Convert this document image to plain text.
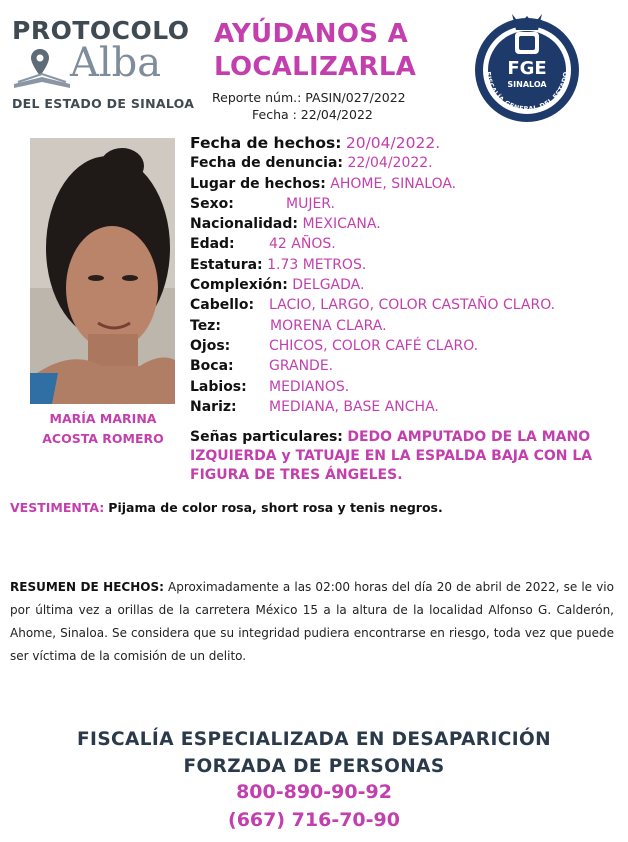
PROTOCOLO
Alba
DEL ESTADO DE SINALOA
AYÚDANOS A
LOCALIZARLA
Reporte núm.: PASIN/027/2022
Fecha : 22/04/2022
FGE
SINALOA
FISCALÍA GENERAL DEL ESTADO
MARÍA MARINA
ACOSTA ROMERO
Fecha de hechos: 20/04/2022.
Fecha de denuncia: 22/04/2022.
Lugar de hechos: AHOME, SINALOA.
Sexo:	MUJER.
Nacionalidad: MEXICANA.
Edad: 42 AÑOS.
Estatura: 1.73 METROS.
Complexión: DELGADA.
Cabello: LACIO, LARGO, COLOR CASTAÑO CLARO.
Tez:	MORENA CLARA.
Ojos:	CHICOS, COLOR CAFÉ CLARO.
Boca:	GRANDE.
Labios: MEDIANOS.
Nariz: MEDIANA, BASE ANCHA.
Señas particulares: DEDO AMPUTADO DE LA MANO IZQUIERDA y TATUAJE EN LA ESPALDA BAJA CON LA FIGURA DE TRES ÁNGELES.
VESTIMENTA: Pijama de color rosa, short rosa y tenis negros.
RESUMEN DE HECHOS: Aproximadamente a las 02:00 horas del día 20 de abril de 2022, se le vio por última vez a orillas de la carretera México 15 a la altura de la localidad Alfonso G. Calderón, Ahome, Sinaloa. Se considera que su integridad pudiera encontrarse en riesgo, toda vez que puede ser víctima de la comisión de un delito.
FISCALÍA ESPECIALIZADA EN DESAPARICIÓN
FORZADA DE PERSONAS
800-890-90-92
(667) 716-70-90
